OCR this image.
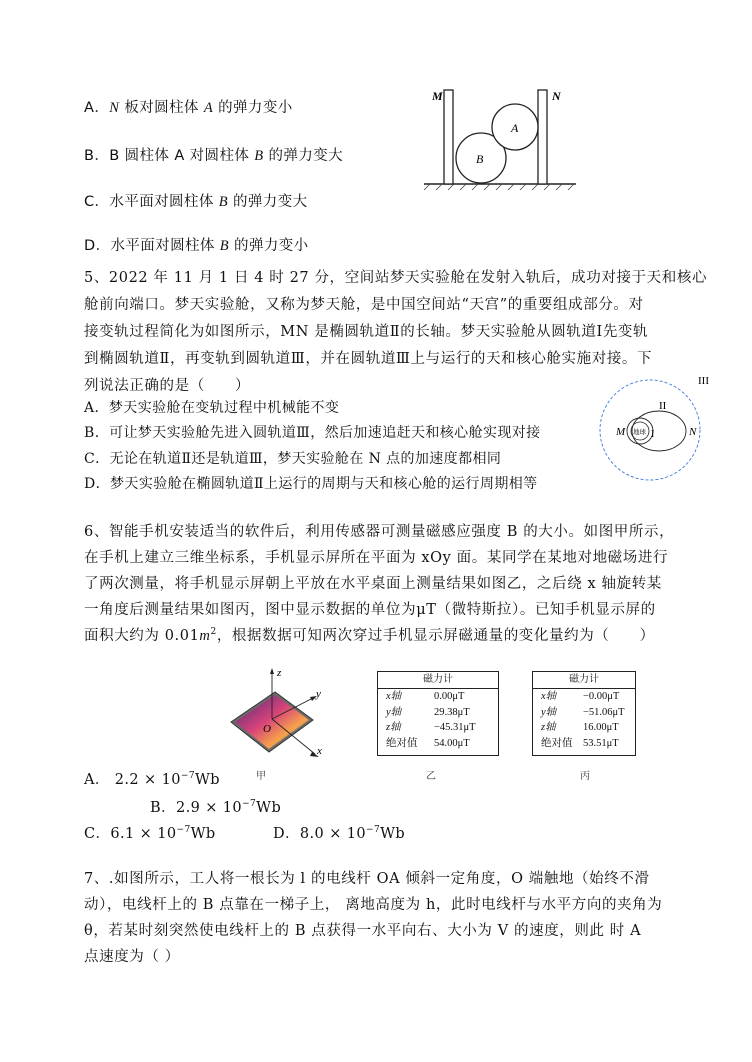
A．N 板对圆柱体 A 的弹力变小
B．B 圆柱体 A 对圆柱体 B 的弹力变大
C．水平面对圆柱体 B 的弹力变大
D．水平面对圆柱体 B 的弹力变小
M	N
A
B
5、2022 年 11 月 1 日 4 时 27 分，空间站梦天实验舱在发射入轨后，成功对接于天和核心
舱前向端口。梦天实验舱，又称为梦天舱，是中国空间站“天宫”的重要组成部分。对
接变轨过程简化为如图所示，MN 是椭圆轨道Ⅱ的长轴。梦天实验舱从圆轨道Ⅰ先变轨
到椭圆轨道Ⅱ，再变轨到圆轨道Ⅲ，并在圆轨道Ⅲ上与运行的天和核心舱实施对接。下
列说法正确的是（　　）
A．梦天实验舱在变轨过程中机械能不变
B．可让梦天实验舱先进入圆轨道Ⅲ，然后加速追赶天和核心舱实现对接
C．无论在轨道Ⅱ还是轨道Ⅲ，梦天实验舱在 N 点的加速度都相同
D．梦天实验舱在椭圆轨道Ⅱ上运行的周期与天和核心舱的运行周期相等
地球
III
II
I
M	N
6、智能手机安装适当的软件后，利用传感器可测量磁感应强度 B 的大小。如图甲所示，
在手机上建立三维坐标系，手机显示屏所在平面为 xOy 面。某同学在某地对地磁场进行
了两次测量，将手机显示屏朝上平放在水平桌面上测量结果如图乙，之后绕 x 轴旋转某
一角度后测量结果如图丙，图中显示数据的单位为μT（微特斯拉）。已知手机显示屏的
面积大约为 $0.01m^2$，根据数据可知两次穿过手机显示屏磁通量的变化量约为（　　）
z
y
x
O
甲
磁力计
x轴	0.00μT
y轴	29.38μT
z轴	−45.31μT
绝对值 54.00μT
乙
磁力计
x轴	−0.00μT
y轴	−51.06μT
z轴	16.00μT
绝对值 53.51μT
丙
A． $2.2 \times 10^{-7}Wb$
B．$2.9 \times 10^{-7}Wb$
C．$6.1 \times 10^{-7}Wb$	D．$8.0 \times 10^{-7}Wb$
7、.如图所示，工人将一根长为 l 的电线杆 OA 倾斜一定角度，O 端触地（始终不滑
动），电线杆上的 B 点靠在一梯子上， 离地高度为 h，此时电线杆与水平方向的夹角为
θ，若某时刻突然使电线杆上的 B 点获得一水平向右、大小为 V 的速度，则此 时 A
点速度为（ ）
